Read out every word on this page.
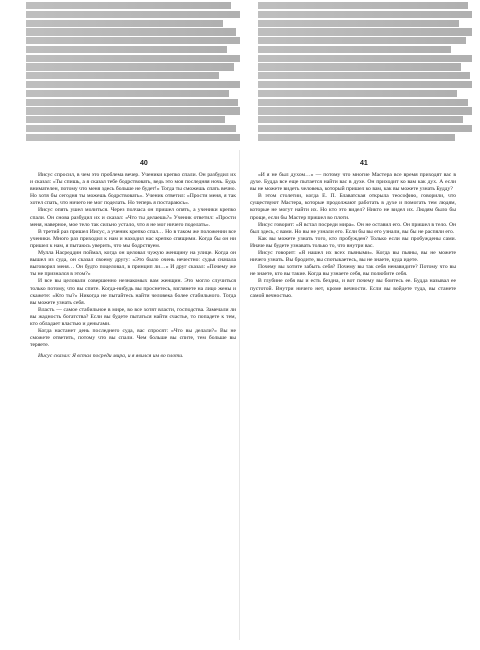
40	41

Иисус спросил, в чем это проблема вечер. Ученики крепко спали. Он разбудил их и сказал: «Ты спишь, а я сказал тебе бодрствовать, ведь это моя последняя ночь. Будь внимателен, потому что меня здесь больше не будет!» Тогда ты сможешь спать вечно. Но хотя бы сегодня ты можешь бодрствовать». Ученик ответил: «Прости меня, я так хотел спать, что ничего не мог поделать. Но теперь я постараюсь».

Иисус опять ушел молиться. Через полчаса он пришел опять, а ученики крепко спали. Он снова разбудил их и сказал: «Что ты делаешь?» Ученик ответил: «Прости меня, наверное, мое тело так сильно устало, что я не мог ничего поделать».

В третий раз пришел Иисус, а ученик крепко спал… Но в таком же положении все ученики. Много раз приходил к нам и находил нас крепко спящими. Когда бы он ни пришел к нам, я пытаюсь уверить, что мы бодрствуем.

Мулла Насреддин поймал, когда он целовал чужую женщину на улице. Когда он вышел из суда, он сказал своему другу: «Это было очень нечестно: судья сначала выговорил меня… Он будто поцеловал, в принцип ли…» И друг сказал: «Почему же ты не признался в этом?»

И все вы целовали совершенно незнакомых вам женщин. Это могло случиться только потому, что вы спите. Когда-нибудь вы проснетесь, взглянете на лицо жены и скажете: «Кто ты?» Никогда не пытайтесь найти человека более стабильного. Тогда вы можете узнать себя.

Власть — самое стабильное в мире, во все хотят власти, господства. Замечали ли вы жадность богатства? Если вы будете пытаться найти счастье, то попадете к тем, кто обладает властью и деньгами.

Когда настанет день последнего суда, вас спросят: «Что вы делали?» Вы не сможете ответить, потому что вы спали. Чем больше вы спите, тем больше вы теряете.

Иисус сказал: Я встал посреди мира, и я явился им во плоти.

«И я не был духом…» — потому что многие Мастера все время приходят вас в духе. Будда все еще пытается найти вас в духе. Он приходит ко вам как дух. А если вы не можете видеть человека, который пришел ко вам, как вы можете узнать Будду?

В этом столетии, когда Е. П. Блаватская открыла теософию, говорили, что существуют Мастера, которые продолжают работать в духе и помогать тем людям, которые не могут найти их. Но кто это видел? Никто не видел их. Людям было бы проще, если бы Мастер пришел во плоти.

Иисус говорит: «Я встал посреди мира». Он не оставил его. Он пришел в тело. Он был здесь, с вами. Но вы не узнали его. Если бы вы его узнали, вы бы не распяли его.

Как вы можете узнать того, кто пробужден? Только если вы пробуждены сами. Иначе вы будете узнавать только то, что внутри вас.

Иисус говорит: «Я нашел их всех пьяными». Когда вы пьяны, вы не можете ничего узнать. Вы бродите, вы спотыкаетесь, вы не знаете, куда идете.

Почему вы хотите забыть себя? Почему вы так себя ненавидите? Потому что вы не знаете, кто вы такие. Когда вы узнаете себя, вы полюбите себя.

В глубине себя вы и есть бездна, и вот почему вы боитесь ее. Будда называл ее пустотой. Внутри ничего нет, кроме вечности. Если вы войдете туда, вы станете самой вечностью.
